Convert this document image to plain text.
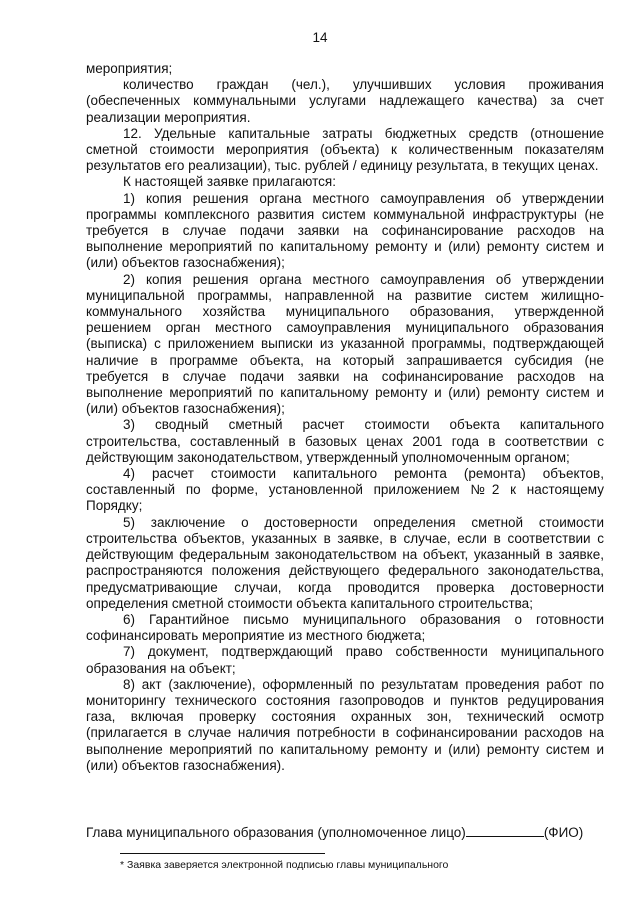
14

мероприятия;

количество граждан (чел.), улучшивших условия проживания (обеспеченных коммунальными услугами надлежащего качества) за счет реализации мероприятия.

12. Удельные капитальные затраты бюджетных средств (отношение сметной стоимости мероприятия (объекта) к количественным показателям результатов его реализации), тыс. рублей / единицу результата, в текущих ценах.

К настоящей заявке прилагаются:

1) копия решения органа местного самоуправления об утверждении программы комплексного развития систем коммунальной инфраструктуры (не требуется в случае подачи заявки на софинансирование расходов на выполнение мероприятий по капитальному ремонту и (или) ремонту систем и (или) объектов газоснабжения);

2) копия решения органа местного самоуправления об утверждении муниципальной программы, направленной на развитие систем жилищно-коммунального хозяйства муниципального образования, утвержденной решением орган местного самоуправления муниципального образования (выписка) с приложением выписки из указанной программы, подтверждающей наличие в программе объекта, на который запрашивается субсидия (не требуется в случае подачи заявки на софинансирование расходов на выполнение мероприятий по капитальному ремонту и (или) ремонту систем и (или) объектов газоснабжения);

3) сводный сметный расчет стоимости объекта капитального строительства, составленный в базовых ценах 2001 года в соответствии с действующим законодательством, утвержденный уполномоченным органом;

4) расчет стоимости капитального ремонта (ремонта) объектов, составленный по форме, установленной приложением №2 к настоящему Порядку;

5) заключение о достоверности определения сметной стоимости строительства объектов, указанных в заявке, в случае, если в соответствии с действующим федеральным законодательством на объект, указанный в заявке, распространяются положения действующего федерального законодательства, предусматривающие случаи, когда проводится проверка достоверности определения сметной стоимости объекта капитального строительства;

6) Гарантийное письмо муниципального образования о готовности софинансировать мероприятие из местного бюджета;

7) документ, подтверждающий право собственности муниципального образования на объект;

8) акт (заключение), оформленный по результатам проведения работ по мониторингу технического состояния газопроводов и пунктов редуцирования газа, включая проверку состояния охранных зон, технический осмотр (прилагается в случае наличия потребности в софинансировании расходов на выполнение мероприятий по капитальному ремонту и (или) ремонту систем и (или) объектов газоснабжения).

Глава муниципального образования (уполномоченное лицо)	(ФИО)
* Заявка заверяется электронной подписью главы муниципального
